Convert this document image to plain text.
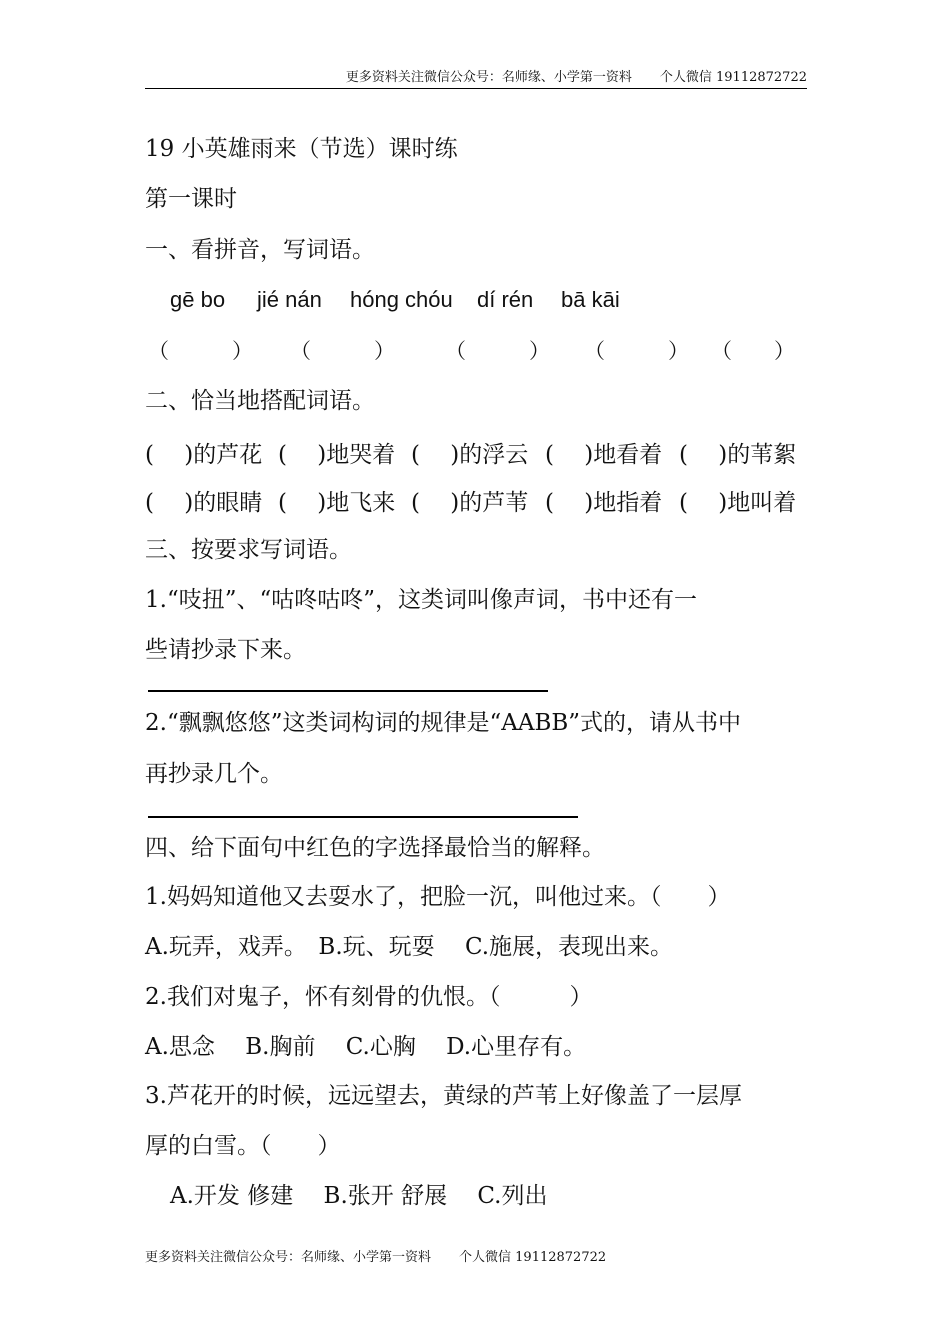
更多资料关注微信公众号：名师缘、小学第一资料 个人微信 19112872722
19 小英雄雨来（节选）课时练
第一课时
一、看拼音，写词语。
gē bo jié nán hóng chóu dí rén bā kāi
（　　　） （　　　） （　　　） （　　　） （　　）
二、恰当地搭配词语。
(　 )的芦花 (　 )地哭着 (　 )的浮云 (　 )地看着 (　 )的苇絮
(　 )的眼睛 (　 )地飞来 (　 )的芦苇 (　 )地指着 (　 )地叫着
三、按要求写词语。
1.“吱扭”、“咕咚咕咚”，这类词叫像声词，书中还有一
些请抄录下来。
2.“飘飘悠悠”这类词构词的规律是“AABB”式的，请从书中
再抄录几个。
四、给下面句中红色的字选择最恰当的解释。
1.妈妈知道他又去耍水了，把脸一沉，叫他过来。（　　）
A.玩弄，戏弄。　B.玩、玩耍　 C.施展，表现出来。
2.我们对鬼子，怀有刻骨的仇恨。（　　　）
A.思念　 B.胸前　 C.心胸　 D.心里存有。
3.芦花开的时候，远远望去，黄绿的芦苇上好像盖了一层厚
厚的白雪。（　　）
A.开发 修建　 B.张开 舒展　 C.列出
更多资料关注微信公众号：名师缘、小学第一资料 个人微信 19112872722
